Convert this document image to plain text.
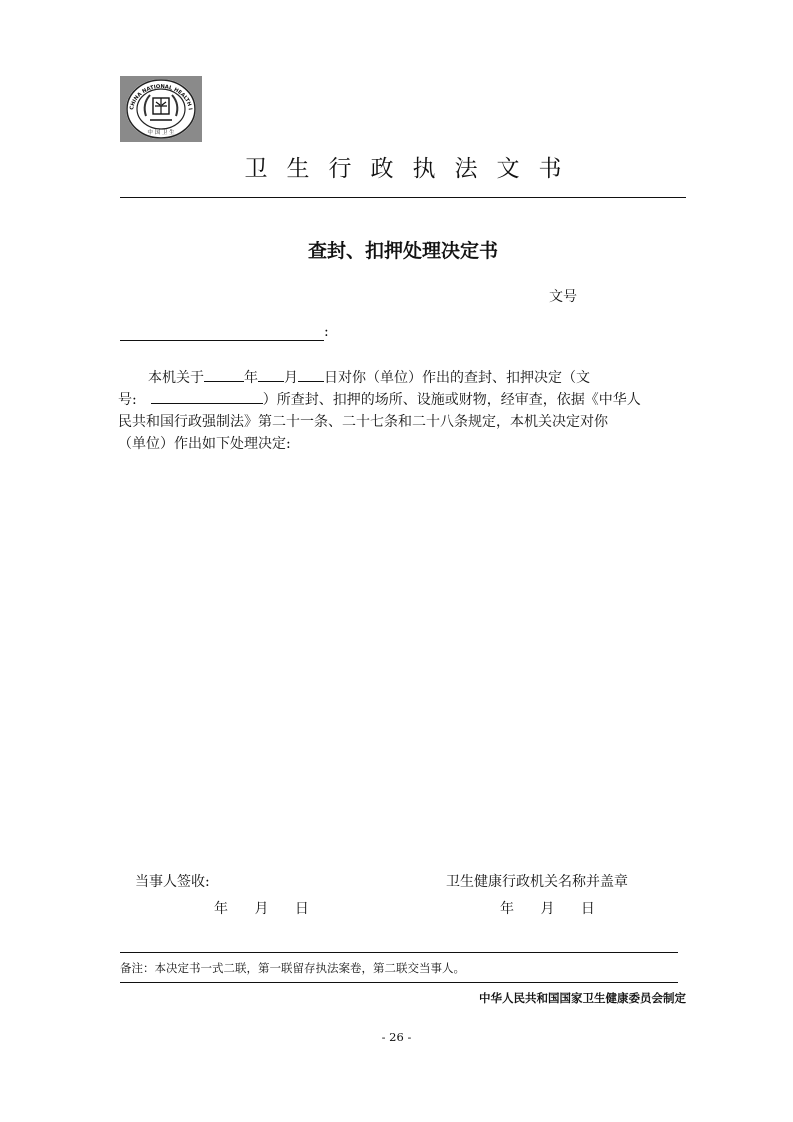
CHINA NATIONAL HEALTH I
中 国 卫 生
卫生行政执法文书
查封、扣押处理决定书
文号
:
本机关于	年 月 日对你（单位）作出的查封、扣押决定（文
号:	）所查封、扣押的场所、设施或财物，经审查，依据《中华人
民共和国行政强制法》第二十一条、二十七条和二十八条规定，本机关决定对你
（单位）作出如下处理决定:
当事人签收:	卫生健康行政机关名称并盖章
年 月 日	年 月 日
备注：本决定书一式二联，第一联留存执法案卷，第二联交当事人。
中华人民共和国国家卫生健康委员会制定
- 26 -
